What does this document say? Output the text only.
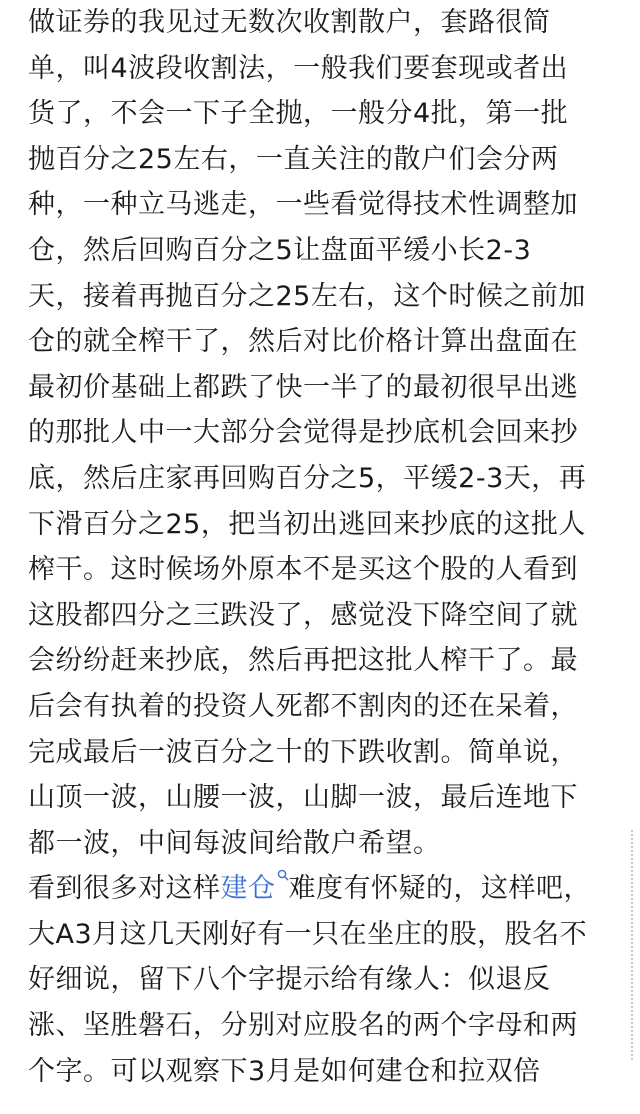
做证券的我见过无数次收割散户，套路很简
单，叫4波段收割法，一般我们要套现或者出
货了，不会一下子全抛，一般分4批，第一批
抛百分之25左右，一直关注的散户们会分两
种，一种立马逃走，一些看觉得技术性调整加
仓，然后回购百分之5让盘面平缓小长2-3
天，接着再抛百分之25左右，这个时候之前加
仓的就全榨干了，然后对比价格计算出盘面在
最初价基础上都跌了快一半了的最初很早出逃
的那批人中一大部分会觉得是抄底机会回来抄
底，然后庄家再回购百分之5，平缓2-3天，再
下滑百分之25，把当初出逃回来抄底的这批人
榨干。这时候场外原本不是买这个股的人看到
这股都四分之三跌没了，感觉没下降空间了就
会纷纷赶来抄底，然后再把这批人榨干了。最
后会有执着的投资人死都不割肉的还在呆着，
完成最后一波百分之十的下跌收割。简单说，
山顶一波，山腰一波，山脚一波，最后连地下
都一波，中间每波间给散户希望。
看到很多对这样建仓 难度有怀疑的，这样吧，
大A3月这几天刚好有一只在坐庄的股，股名不
好细说，留下八个字提示给有缘人：似退反
涨、坚胜磐石，分别对应股名的两个字母和两
个字。可以观察下3月是如何建仓和拉双倍
